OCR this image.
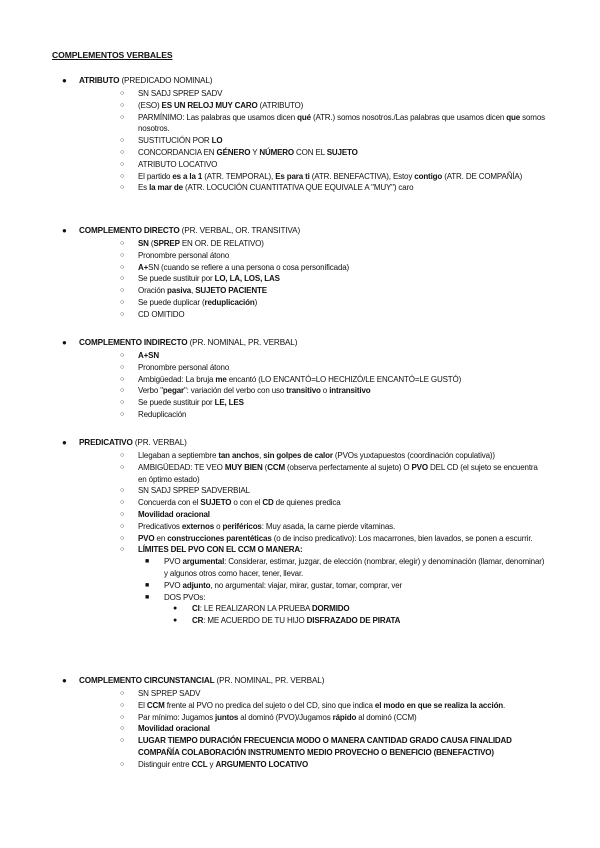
COMPLEMENTOS VERBALES
● ATRIBUTO (PREDICADO NOMINAL)
○ SN SADJ SPREP SADV
○ (ESO) ES UN RELOJ MUY CARO (ATRIBUTO)
○ PARMÍNIMO: Las palabras que usamos dicen qué (ATR.) somos nosotros./Las palabras que usamos dicen que somos nosotros.
○ SUSTITUCIÓN POR LO
○ CONCORDANCIA EN GÉNERO Y NÚMERO CON EL SUJETO
○ ATRIBUTO LOCATIVO
○ El partido es a la 1 (ATR. TEMPORAL), Es para ti (ATR. BENEFACTIVA), Estoy contigo (ATR. DE COMPAÑÍA)
○ Es la mar de (ATR. LOCUCIÓN CUANTITATIVA QUE EQUIVALE A "MUY") caro
● COMPLEMENTO DIRECTO (PR. VERBAL, OR. TRANSITIVA)
○ SN (SPREP EN OR. DE RELATIVO)
○ Pronombre personal átono
○ A+SN (cuando se refiere a una persona o cosa personificada)
○ Se puede sustituir por LO, LA, LOS, LAS
○ Oración pasiva, SUJETO PACIENTE
○ Se puede duplicar (reduplicación)
○ CD OMITIDO
● COMPLEMENTO INDIRECTO (PR. NOMINAL, PR. VERBAL)
○ A+SN
○ Pronombre personal átono
○ Ambigüedad: La bruja me encantó (LO ENCANTÓ=LO HECHIZÓ/LE ENCANTÓ=LE GUSTÓ)
○ Verbo "pegar": variación del verbo con uso transitivo o intransitivo
○ Se puede sustituir por LE, LES
○ Reduplicación
● PREDICATIVO (PR. VERBAL)
○ Llegaban a septiembre tan anchos, sin golpes de calor (PVOs yuxtapuestos (coordinación copulativa))
○ AMBIGÜEDAD: TE VEO MUY BIEN (CCM (observa perfectamente al sujeto) O PVO DEL CD (el sujeto se encuentra en óptimo estado)
○ SN SADJ SPREP SADVERBIAL
○ Concuerda con el SUJETO o con el CD de quienes predica
○ Movilidad oracional
○ Predicativos externos o periféricos: Muy asada, la carne pierde vitaminas.
○ PVO en construcciones parentéticas (o de inciso predicativo): Los macarrones, bien lavados, se ponen a escurrir.
○ LÍMITES DEL PVO CON EL CCM O MANERA:
■ PVO argumental: Considerar, estimar, juzgar, de elección (nombrar, elegir) y denominación (llamar, denominar) y algunos otros como hacer, tener, llevar.
■ PVO adjunto, no argumental: viajar, mirar, gustar, tomar, comprar, ver
■ DOS PVOs:
● CI: LE REALIZARON LA PRUEBA DORMIDO
● CR: ME ACUERDO DE TU HIJO DISFRAZADO DE PIRATA
● COMPLEMENTO CIRCUNSTANCIAL (PR. NOMINAL, PR. VERBAL)
○ SN SPREP SADV
○ El CCM frente al PVO no predica del sujeto o del CD, sino que indica el modo en que se realiza la acción.
○ Par mínimo: Jugamos juntos al dominó (PVO)/Jugamos rápido al dominó (CCM)
○ Movilidad oracional
○ LUGAR TIEMPO DURACIÓN FRECUENCIA MODO O MANERA CANTIDAD GRADO CAUSA FINALIDAD COMPAÑÍA COLABORACIÓN INSTRUMENTO MEDIO PROVECHO O BENEFICIO (BENEFACTIVO)
○ Distinguir entre CCL y ARGUMENTO LOCATIVO
